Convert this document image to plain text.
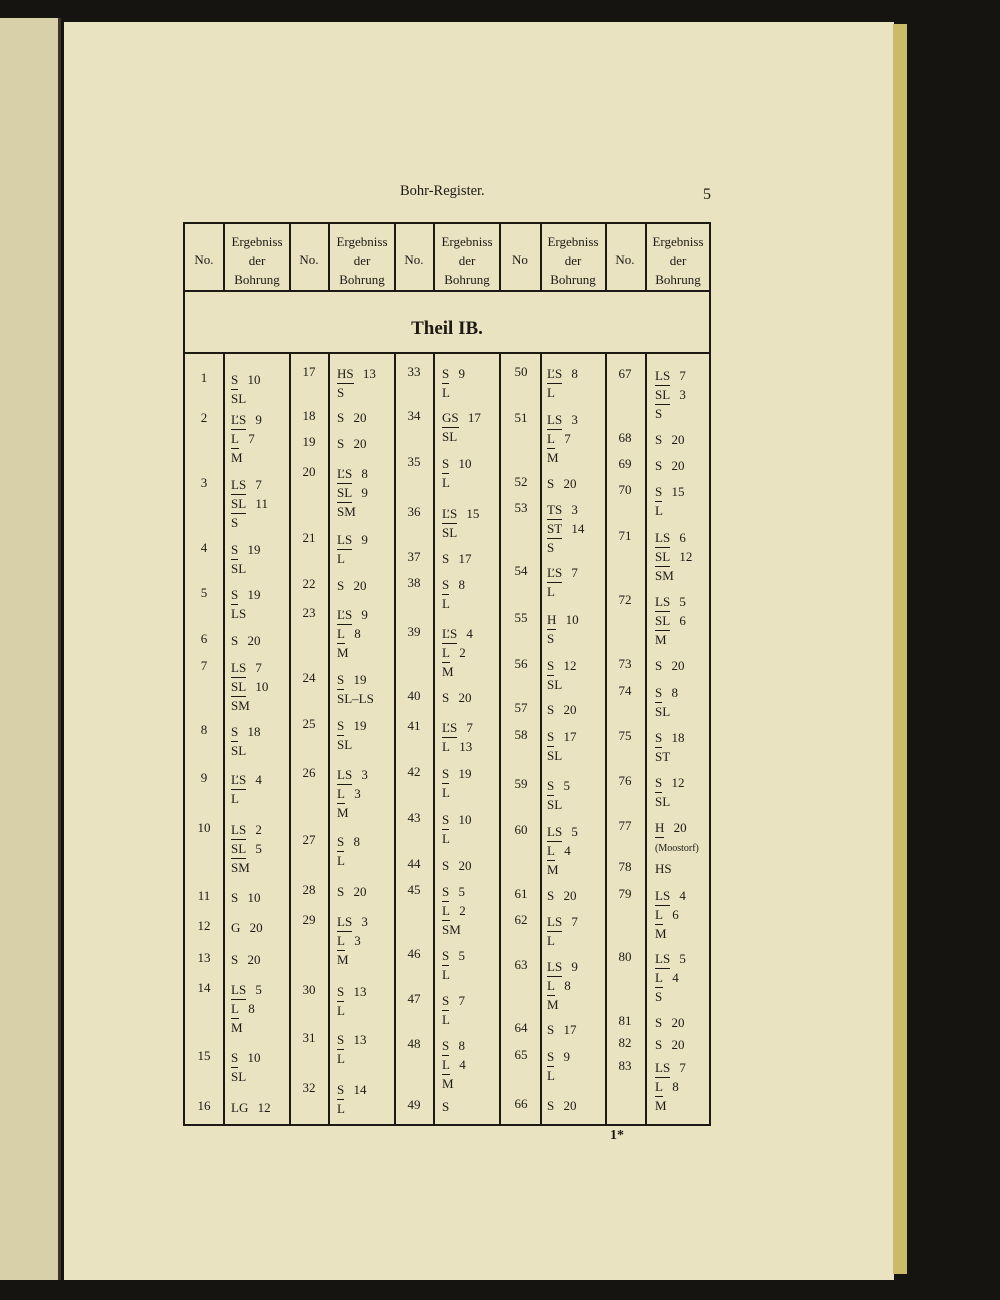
Bohr-Register.	5
Theil IB.
No.
Ergebniss
der
Bohrung
No.
Ergebniss
der
Bohrung
No.
Ergebniss
der
Bohrung
No
Ergebniss
der
Bohrung
No.
Ergebniss
der
Bohrung
1	S 10
SL
2	ĽS 9
L 7
M
3	LS 7
SL 11
S
4	S 19
SL
5	S 19
LS
6	S 20
7	LS 7
SL 10
SM
8	S 18
SL
9	ĽS 4
L
10	LS 2
SL 5
SM
11	S 10
12	G 20
13	S 20
14	LS 5
L 8
M
15	S 10
SL
16	LG 12
17	HS 13
S
18	S 20
19	S 20
20	ĽS 8
SL 9
SM
21	LS 9
L
22	S 20
23	ĽS 9
L 8
M
24	S 19
SL–LS
25	S 19
SL
26	LS 3
L 3
M
27	S 8
L
28	S 20
29	LS 3
L 3
M
30	S 13
L
31	S 13
L
32	S 14
L
33	S 9
L
34	GS 17
SL
35	S 10
L
36	ĽS 15
SL
37	S 17
38	S 8
L
39	ĽS 4
L 2
M
40	S 20
41	ĽS 7
L 13
42	S 19
L
43	S 10
L
44	S 20
45	S 5
L 2
SM
46	S 5
L
47	S 7
L
48	S 8
L 4
M
49	S
50	ĽS 8
L
51	LS 3
L 7
M
52	S 20
53	TS 3
ST 14
S
54	ĽS 7
L
55	H 10
S
56	S 12
SL
57	S 20
58	S 17
SL
59	S 5
SL
60	LS 5
L 4
M
61	S 20
62	LS 7
L
63	LS 9
L 8
M
64	S 17
65	S 9
L
66	S 20
67	LS 7
SL 3
S
68	S 20
69	S 20
70	S 15
L
71	LS 6
SL 12
SM
72	LS 5
SL 6
M
73	S 20
74	S 8
SL
75	S 18
ST
76	S 12
SL
77	H 20
(Moostorf)
78	HS
79	LS 4
L 6
M
80	LS 5
L 4
S
81	S 20
82	S 20
83	LS 7
L 8
M
1*
